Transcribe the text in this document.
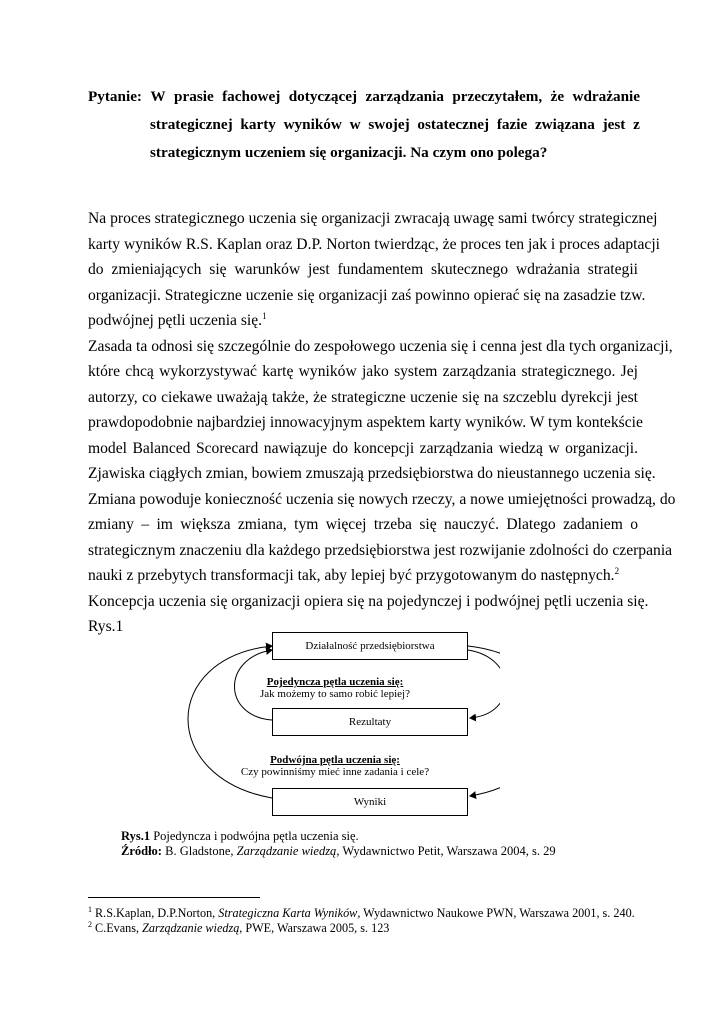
Pytanie: W prasie fachowej dotyczącej zarządzania przeczytałem, że wdrażanie
strategicznej karty wyników w swojej ostatecznej fazie związana jest z
strategicznym uczeniem się organizacji. Na czym ono polega?
Na proces strategicznego uczenia się organizacji zwracają uwagę sami twórcy strategicznej
karty wyników R.S. Kaplan oraz D.P. Norton twierdząc, że proces ten jak i proces adaptacji
do zmieniających się warunków jest fundamentem skutecznego wdrażania strategii
organizacji. Strategiczne uczenie się organizacji zaś powinno opierać się na zasadzie tzw.
podwójnej pętli uczenia się.$^1$
Zasada ta odnosi się szczególnie do zespołowego uczenia się i cenna jest dla tych organizacji,
które chcą wykorzystywać kartę wyników jako system zarządzania strategicznego. Jej
autorzy, co ciekawe uważają także, że strategiczne uczenie się na szczeblu dyrekcji jest
prawdopodobnie najbardziej innowacyjnym aspektem karty wyników. W tym kontekście
model Balanced Scorecard nawiązuje do koncepcji zarządzania wiedzą w organizacji.
Zjawiska ciągłych zmian, bowiem zmuszają przedsiębiorstwa do nieustannego uczenia się.
Zmiana powoduje konieczność uczenia się nowych rzeczy, a nowe umiejętności prowadzą, do
zmiany – im większa zmiana, tym więcej trzeba się nauczyć. Dlatego zadaniem o
strategicznym znaczeniu dla każdego przedsiębiorstwa jest rozwijanie zdolności do czerpania
nauki z przebytych transformacji tak, aby lepiej być przygotowanym do następnych.$^2$
Koncepcja uczenia się organizacji opiera się na pojedynczej i podwójnej pętli uczenia się.
Rys.1
Działalność przedsiębiorstwa
Pojedyncza pętla uczenia się:
Jak możemy to samo robić lepiej?
Rezultaty
Podwójna pętla uczenia się:
Czy powinniśmy mieć inne zadania i cele?
Wyniki
Rys.1 Pojedyncza i podwójna pętla uczenia się.
Źródło: B. Gladstone, Zarządzanie wiedzą, Wydawnictwo Petit, Warszawa 2004, s. 29
$^1$ R.S.Kaplan, D.P.Norton, Strategiczna Karta Wyników, Wydawnictwo Naukowe PWN, Warszawa 2001, s. 240.
$^2$ C.Evans, Zarządzanie wiedzą, PWE, Warszawa 2005, s. 123
